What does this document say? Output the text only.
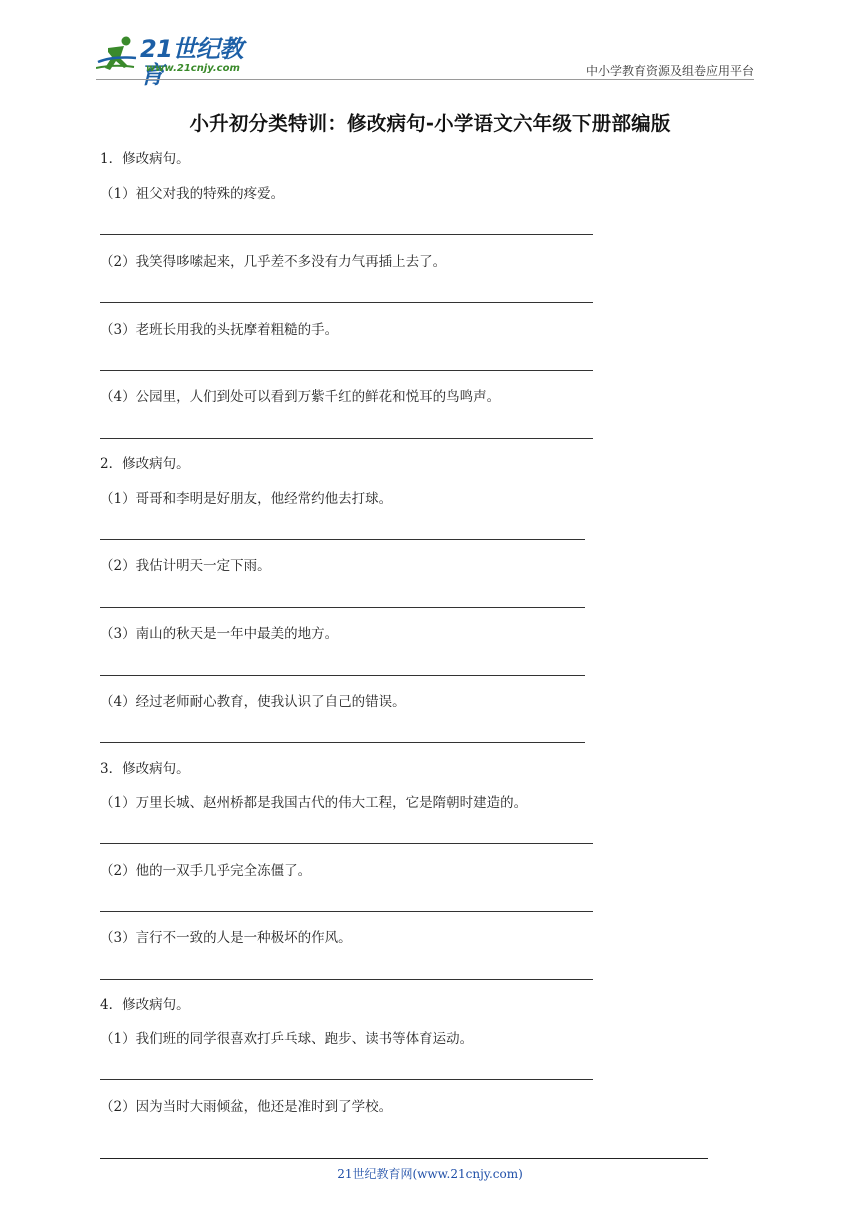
21世纪教育
www.21cnjy.com	中小学教育资源及组卷应用平台
小升初分类特训：修改病句-小学语文六年级下册部编版
1．修改病句。
（1）祖父对我的特殊的疼爱。
（2）我笑得哆嗦起来，几乎差不多没有力气再插上去了。
（3）老班长用我的头抚摩着粗糙的手。
（4）公园里，人们到处可以看到万紫千红的鲜花和悦耳的鸟鸣声。
2．修改病句。
（1）哥哥和李明是好朋友，他经常约他去打球。
（2）我估计明天一定下雨。
（3）南山的秋天是一年中最美的地方。
（4）经过老师耐心教育，使我认识了自己的错误。
3．修改病句。
（1）万里长城、赵州桥都是我国古代的伟大工程，它是隋朝时建造的。
（2）他的一双手几乎完全冻僵了。
（3）言行不一致的人是一种极坏的作风。
4．修改病句。
（1）我们班的同学很喜欢打乒乓球、跑步、读书等体育运动。
（2）因为当时大雨倾盆，他还是准时到了学校。
21世纪教育网(www.21cnjy.com)
